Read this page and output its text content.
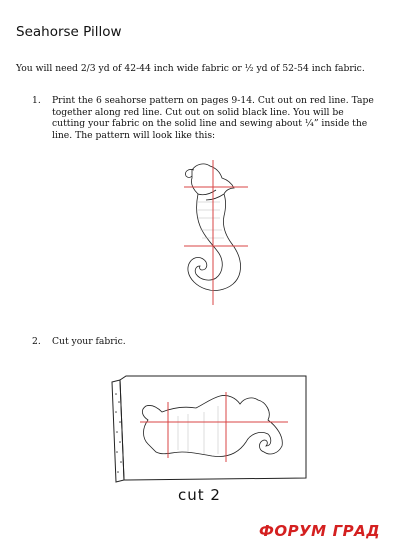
Seahorse Pillow
You will need 2/3 yd of 42-44 inch wide fabric or ½ yd of 52-54 inch fabric.
1. Print the 6 seahorse pattern on pages 9-14. Cut out on red line. Tape
together along red line. Cut out on solid black line. You will be
cutting your fabric on the solid line and sewing about ¼” inside the
line. The pattern will look like this:
2. Cut your fabric.
cut 2
ФОРУМ ГРАД
